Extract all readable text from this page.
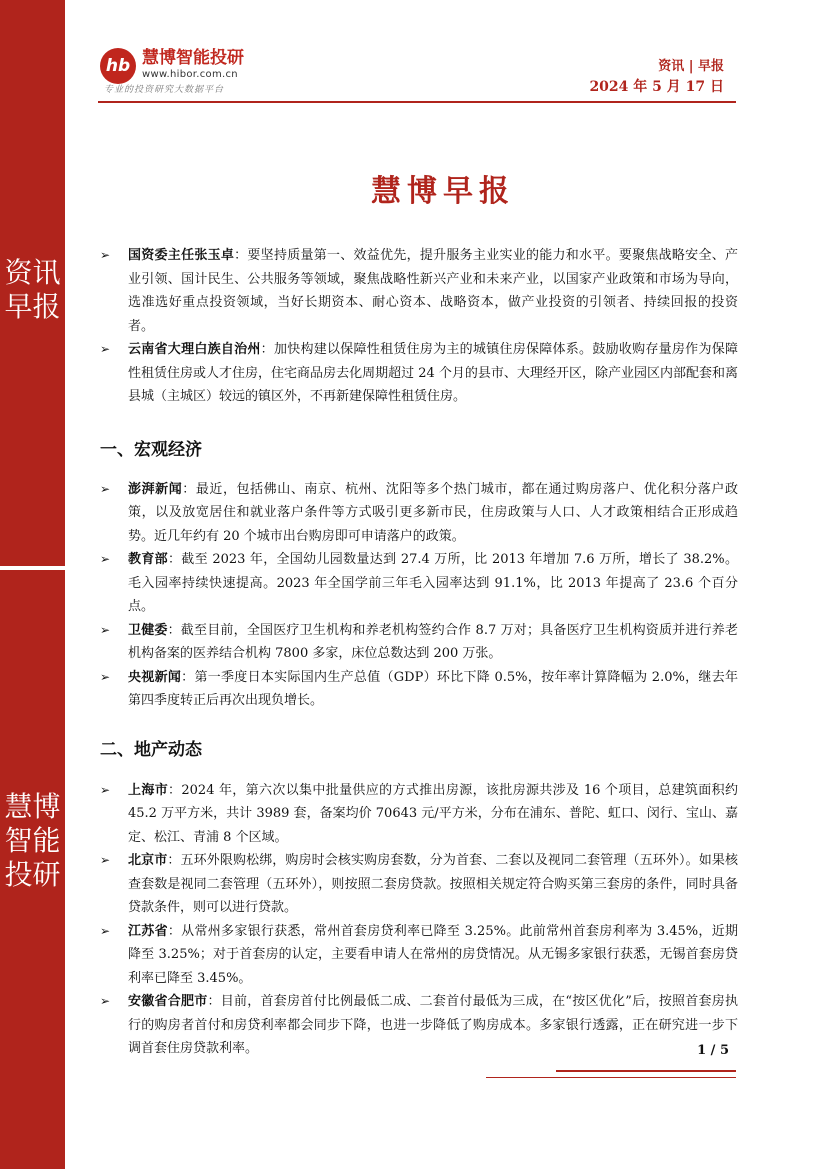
资讯
早报
慧博
智能
投研
hb 慧博智能投研
www.hibor.com.cn
专业的投资研究大数据平台
资讯 | 早报
2024 年 5 月 17 日
慧博早报
➢ 国资委主任张玉卓：要坚持质量第一、效益优先，提升服务主业实业的能力和水平。要聚焦战略安全、产业引领、国计民生、公共服务等领域，聚焦战略性新兴产业和未来产业，以国家产业政策和市场为导向，选准选好重点投资领域，当好长期资本、耐心资本、战略资本，做产业投资的引领者、持续回报的投资者。
➢ 云南省大理白族自治州：加快构建以保障性租赁住房为主的城镇住房保障体系。鼓励收购存量房作为保障性租赁住房或人才住房，住宅商品房去化周期超过 24 个月的县市、大理经开区，除产业园区内部配套和离县城（主城区）较远的镇区外，不再新建保障性租赁住房。
一、宏观经济
➢ 澎湃新闻：最近，包括佛山、南京、杭州、沈阳等多个热门城市，都在通过购房落户、优化积分落户政策，以及放宽居住和就业落户条件等方式吸引更多新市民，住房政策与人口、人才政策相结合正形成趋势。近几年约有 20 个城市出台购房即可申请落户的政策。
➢ 教育部：截至 2023 年，全国幼儿园数量达到 27.4 万所，比 2013 年增加 7.6 万所，增长了 38.2%。毛入园率持续快速提高。2023 年全国学前三年毛入园率达到 91.1%，比 2013 年提高了 23.6 个百分点。
➢ 卫健委：截至目前，全国医疗卫生机构和养老机构签约合作 8.7 万对；具备医疗卫生机构资质并进行养老机构备案的医养结合机构 7800 多家，床位总数达到 200 万张。
➢ 央视新闻：第一季度日本实际国内生产总值（GDP）环比下降 0.5%，按年率计算降幅为 2.0%，继去年第四季度转正后再次出现负增长。
二、地产动态
➢ 上海市：2024 年，第六次以集中批量供应的方式推出房源，该批房源共涉及 16 个项目，总建筑面积约 45.2 万平方米，共计 3989 套，备案均价 70643 元/平方米，分布在浦东、普陀、虹口、闵行、宝山、嘉定、松江、青浦 8 个区域。
➢ 北京市：五环外限购松绑，购房时会核实购房套数，分为首套、二套以及视同二套管理（五环外）。如果核查套数是视同二套管理（五环外），则按照二套房贷款。按照相关规定符合购买第三套房的条件，同时具备贷款条件，则可以进行贷款。
➢ 江苏省：从常州多家银行获悉，常州首套房贷利率已降至 3.25%。此前常州首套房利率为 3.45%，近期降至 3.25%；对于首套房的认定，主要看申请人在常州的房贷情况。从无锡多家银行获悉，无锡首套房贷利率已降至 3.45%。
➢ 安徽省合肥市：目前，首套房首付比例最低二成、二套首付最低为三成，在“按区优化”后，按照首套房执行的购房者首付和房贷利率都会同步下降，也进一步降低了购房成本。多家银行透露，正在研究进一步下调首套住房贷款利率。	1 / 5
